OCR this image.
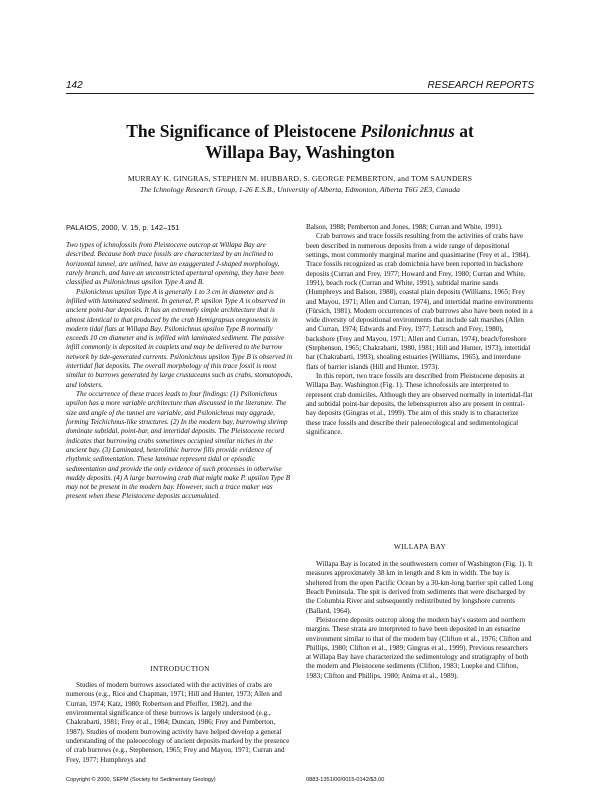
142	RESEARCH REPORTS
The Significance of Pleistocene Psilonichnus at
Willapa Bay, Washington
MURRAY K. GINGRAS, STEPHEN M. HUBBARD, S. GEORGE PEMBERTON, and TOM SAUNDERS
The Ichnology Research Group, 1-26 E.S.B., University of Alberta, Edmonton, Alberta T6G 2E3, Canada
PALAIOS, 2000, V. 15, p. 142–151

Two types of ichnofossils from Pleistocene outcrop at Willapa Bay are described. Because both trace fossils are characterized by an inclined to horizontal tunnel, are unlined, have an exaggerated J-shaped morphology, rarely branch, and have an unconstricted apertural opening, they have been classified as Psilonichnus upsilon Type A and B.

Psilonichnus upsilon Type A is generally 1 to 3 cm in diameter and is infilled with laminated sediment. In general, P. upsilon Type A is observed in ancient point-bar deposits. It has an extremely simple architecture that is almost identical to that produced by the crab Hemigrapsus oregonensis in modern tidal flats at Willapa Bay. Psilonichnus upsilon Type B normally exceeds 10 cm diameter and is infilled with laminated sediment. The passive infill commonly is deposited in couplets and may be delivered to the burrow network by tide-generated currents. Psilonichnus upsilon Type B is observed in intertidal flat deposits. The overall morphology of this trace fossil is most similar to burrows generated by large crustaceans such as crabs, stomatopods, and lobsters.

The occurrence of these traces leads to four findings: (1) Psilonichnus upsilon has a more variable architecture than discussed in the literature. The size and angle of the tunnel are variable, and Psilonichnus may aggrade, forming Teichichnus-like structures. (2) In the modern bay, burrowing shrimp dominate subtidal, point-bar, and intertidal deposits. The Pleistocene record indicates that burrowing crabs sometimes occupied similar niches in the ancient bay. (3) Laminated, heterolithic burrow fills provide evidence of rhythmic sedimentation. These laminae represent tidal or episodic sedimentation and provide the only evidence of such processes in otherwise muddy deposits. (4) A large burrowing crab that might make P. upsilon Type B may not be present in the modern bay. However, such a trace maker was present when these Pleistocene deposits accumulated.

INTRODUCTION

Studies of modern burrows associated with the activities of crabs are numerous (e.g., Rice and Chapman, 1971; Hill and Hunter, 1973; Allen and Curran, 1974; Katz, 1980; Robertson and Pfeiffer, 1982), and the environmental significance of these burrows is largely understood (e.g., Chakrabarti, 1981; Frey et al., 1984; Duncan, 1986; Frey and Pemberton, 1987). Studies of modern burrowing activity have helped develop a general understanding of the paleoecology of ancient deposits marked by the presence of crab burrows (e.g., Stephenson, 1965; Frey and Mayou, 1971; Curran and Frey, 1977; Humphreys and

Balson, 1988; Pemberton and Jones, 1988; Curran and White, 1991).

Crab burrows and trace fossils resulting from the activities of crabs have been described in numerous deposits from a wide range of depositional settings, most commonly marginal marine and quasimarine (Frey et al., 1984). Trace fossils recognized as crab domichnia have been reported in backshore deposits (Curran and Frey, 1977; Howard and Frey, 1980; Curran and White, 1991), beach rock (Curran and White, 1991), subtidal marine sands (Humphreys and Balson, 1988), coastal plain deposits (Williams, 1965; Frey and Mayou, 1971; Allen and Curran, 1974), and intertidal marine environments (Fürsich, 1981). Modern occurrences of crab burrows also have been noted in a wide diversity of depositional environments that include salt marshes (Allen and Curran, 1974; Edwards and Frey, 1977; Letzsch and Frey, 1980), backshore (Frey and Mayou, 1971; Allen and Curran, 1974), beach/foreshore (Stephenson, 1965; Chakrabarti, 1980, 1981; Hill and Hunter, 1973), intertidal bar (Chakrabarti, 1993), shoaling estuaries (Williams, 1965), and interdune flats of barrier islands (Hill and Hunter, 1973).

In this report, two trace fossils are described from Pleistocene deposits at Willapa Bay, Washington (Fig. 1). These ichnofossils are interpreted to represent crab domiciles. Although they are observed normally in intertidal-flat and subtidal point-bar deposits, the lebensspurren also are present in central-bay deposits (Gingras et al., 1999). The aim of this study is to characterize these trace fossils and describe their paleoecological and sedimentological significance.

WILLAPA BAY

Willapa Bay is located in the southwestern corner of Washington (Fig. 1). It measures approximately 38 km in length and 8 km in width. The bay is sheltered from the open Pacific Ocean by a 30-km-long barrier spit called Long Beach Peninsula. The spit is derived from sediments that were discharged by the Columbia River and subsequently redistributed by longshore currents (Ballard, 1964).

Pleistocene deposits outcrop along the modern bay's eastern and northern margins. These strata are interpreted to have been deposited in an estuarine environment similar to that of the modern bay (Clifton et al., 1976; Clifton and Phillips, 1980; Clifton et al., 1989; Gingras et al., 1999). Previous researchers at Willapa Bay have characterized the sedimentology and stratigraphy of both the modern and Pleistocene sediments (Clifton, 1983; Luepke and Clifton, 1983; Clifton and Phillips, 1980; Anima et al., 1989).

Copyright © 2000, SEPM (Society for Sedimentary Geology)	0883-1351/00/0015-0142/$3.00
